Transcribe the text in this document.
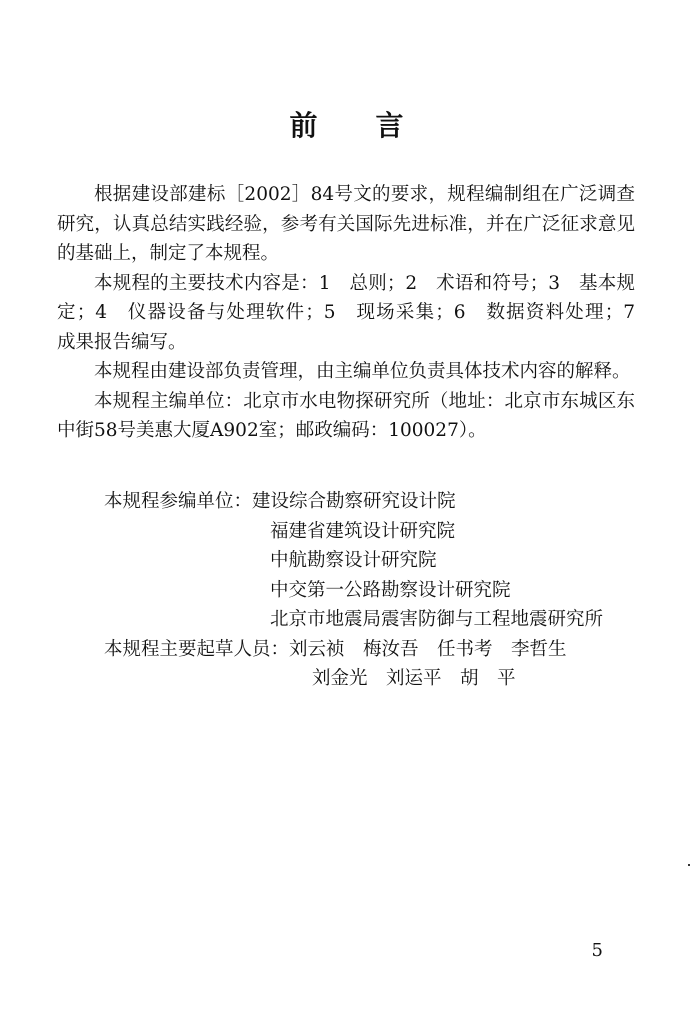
前 言

根据建设部建标［2002］84号文的要求，规程编制组在广泛调查研究，认真总结实践经验，参考有关国际先进标准，并在广泛征求意见的基础上，制定了本规程。

本规程的主要技术内容是：1　总则；2　术语和符号；3　基本规定；4　仪器设备与处理软件；5　现场采集；6　数据资料处理；7　成果报告编写。

本规程由建设部负责管理，由主编单位负责具体技术内容的解释。

本规程主编单位：北京市水电物探研究所（地址：北京市东城区东中街58号美惠大厦A902室；邮政编码：100027）。

本规程参编单位： 建设综合勘察研究设计院
福建省建筑设计研究院
中航勘察设计研究院
中交第一公路勘察设计研究院
北京市地震局震害防御与工程地震研究所
本规程主要起草人员： 刘云祯　梅汝吾　任书考　李哲生
刘金光　刘运平　胡　平
5
